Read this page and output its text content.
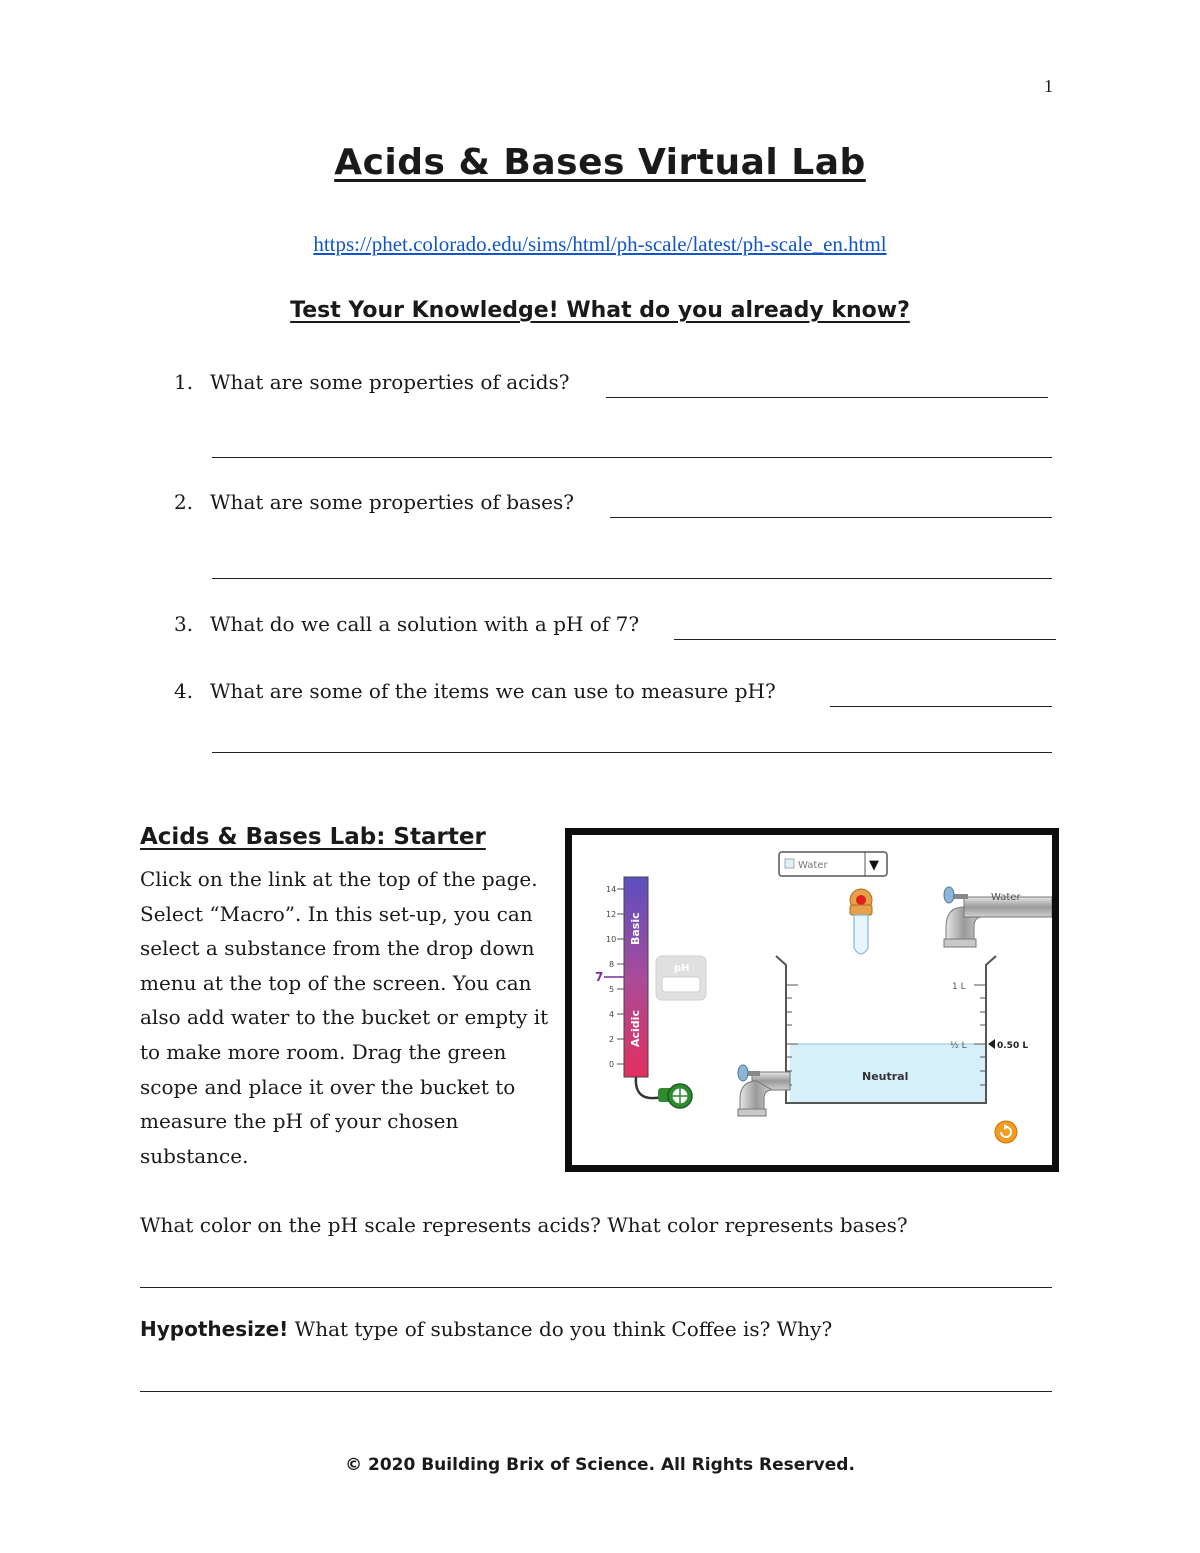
1
Acids & Bases Virtual Lab
https://phet.colorado.edu/sims/html/ph-scale/latest/ph-scale_en.html
Test Your Knowledge! What do you already know?
1. What are some properties of acids?
2. What are some properties of bases?
3. What do we call a solution with a pH of 7?
4. What are some of the items we can use to measure pH?
Acids & Bases Lab: Starter
Click on the link at the top of the page. Select “Macro”. In this set-up, you can select a substance from the drop down menu at the top of the screen. You can also add water to the bucket or empty it to make more room. Drag the green scope and place it over the bucket to measure the pH of your chosen substance.
Water	▼
Basic
Acidic
14
12
10
8
5
4
2
0
7
pH
Water
1 L
½ L	0.50 L
Neutral
What color on the pH scale represents acids? What color represents bases?
Hypothesize! What type of substance do you think Coffee is? Why?
© 2020 Building Brix of Science. All Rights Reserved.
